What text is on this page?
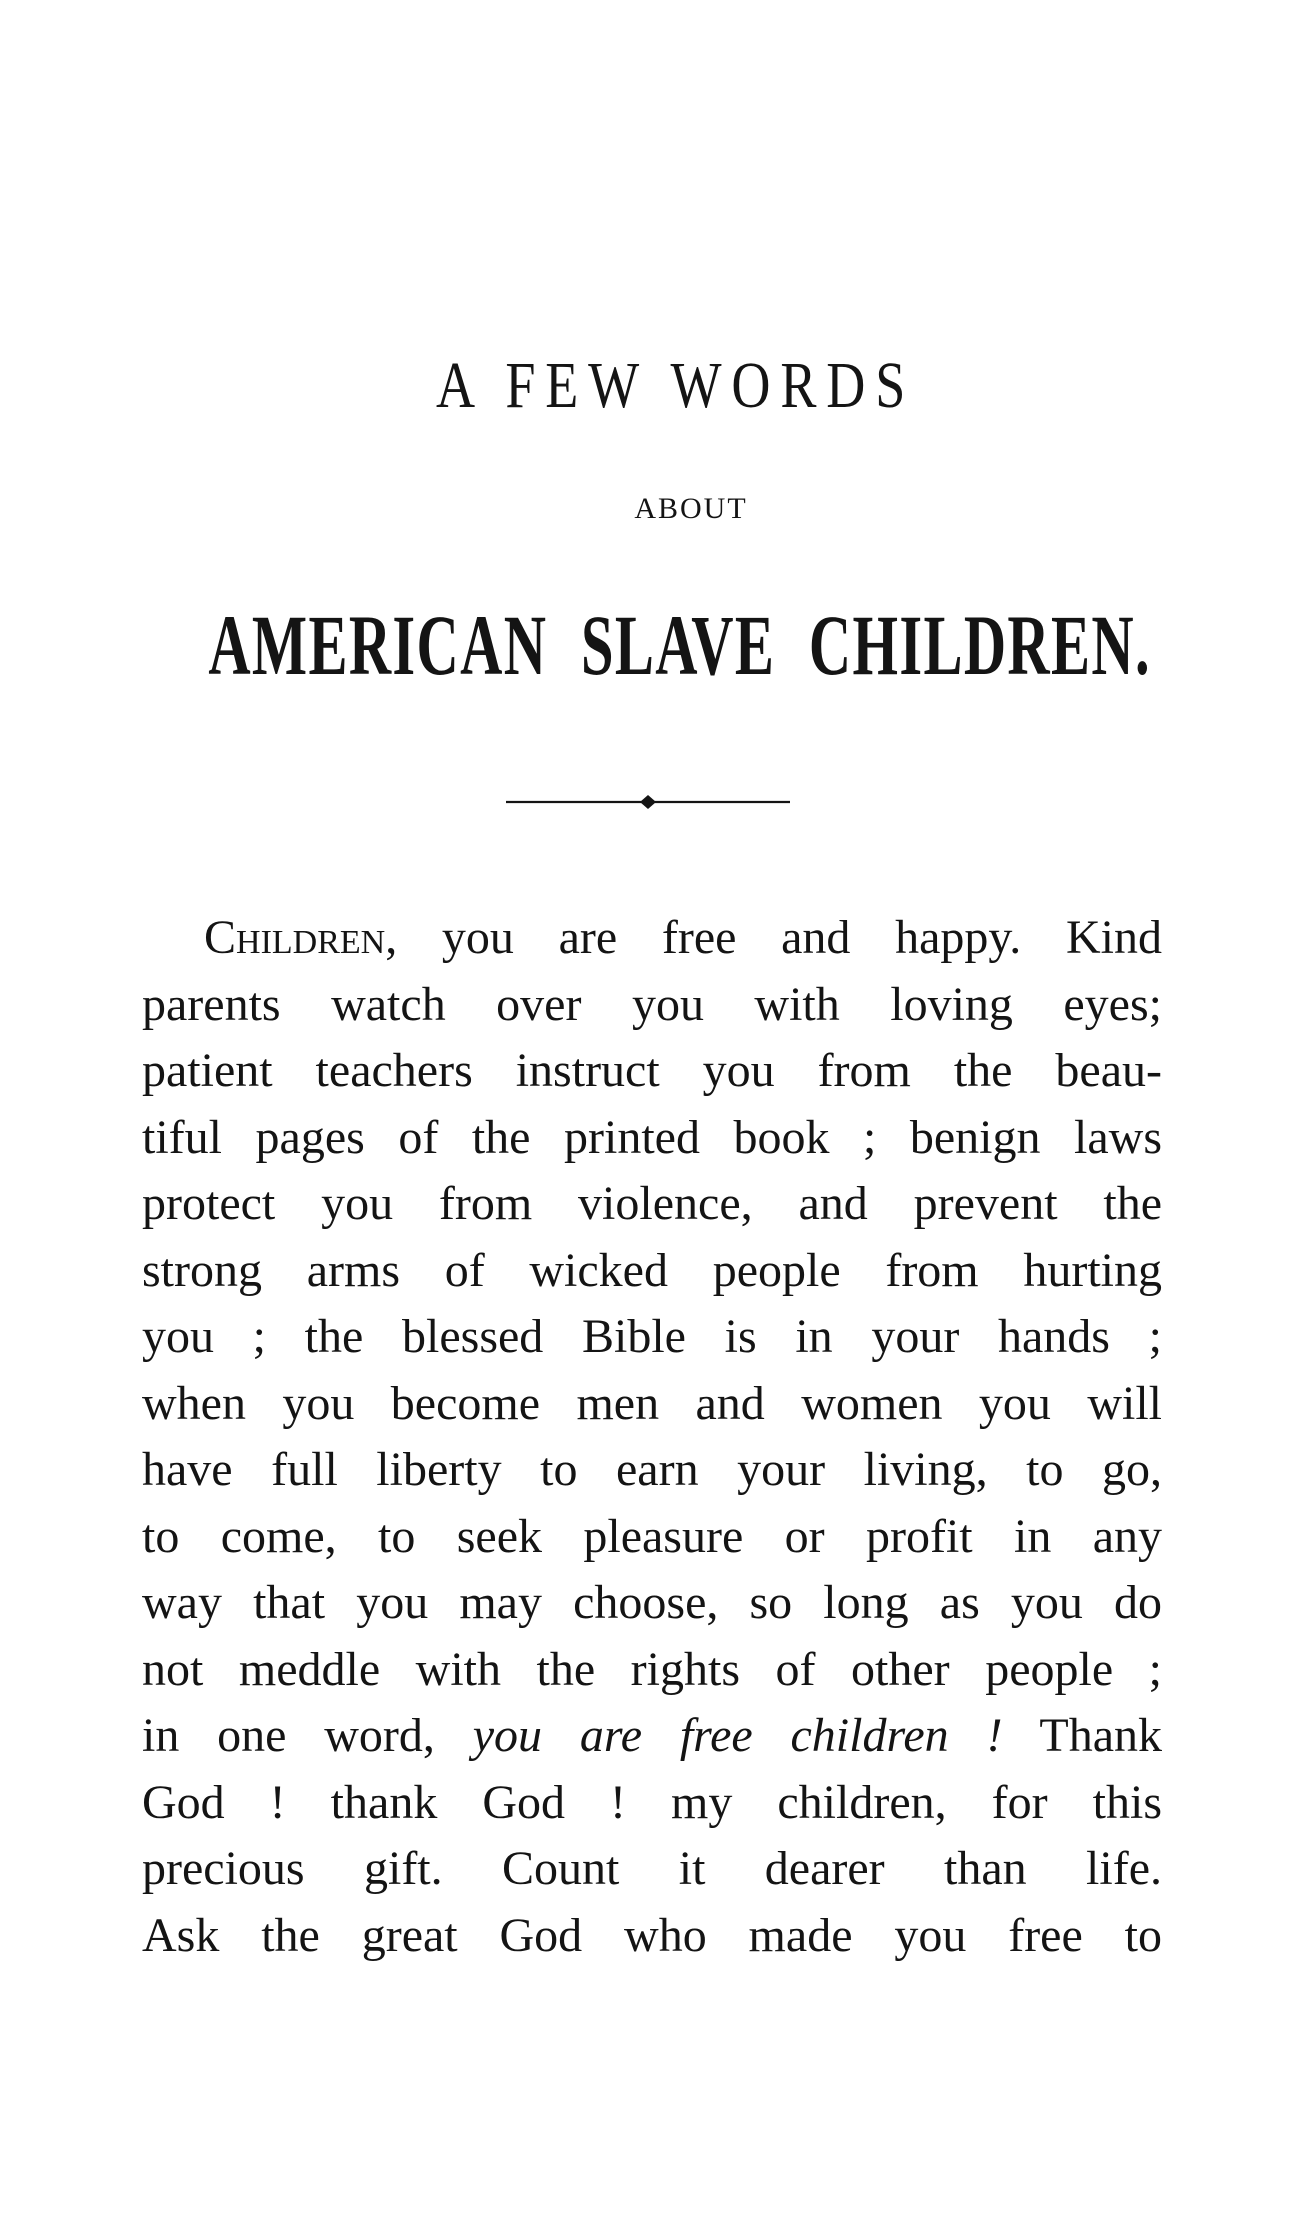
A FEW WORDS
ABOUT
AMERICAN SLAVE CHILDREN.
Children, you are free and happy. Kind
parents watch over you with loving eyes;
patient teachers instruct you from the beau-
tiful pages of the printed book ; benign laws
protect you from violence, and prevent the
strong arms of wicked people from hurting
you ; the blessed Bible is in your hands ;
when you become men and women you will
have full liberty to earn your living, to go,
to come, to seek pleasure or profit in any
way that you may choose, so long as you do
not meddle with the rights of other people ;
in one word, you are free children ! Thank
God ! thank God ! my children, for this
precious gift. Count it dearer than life.
Ask the great God who made you free to
